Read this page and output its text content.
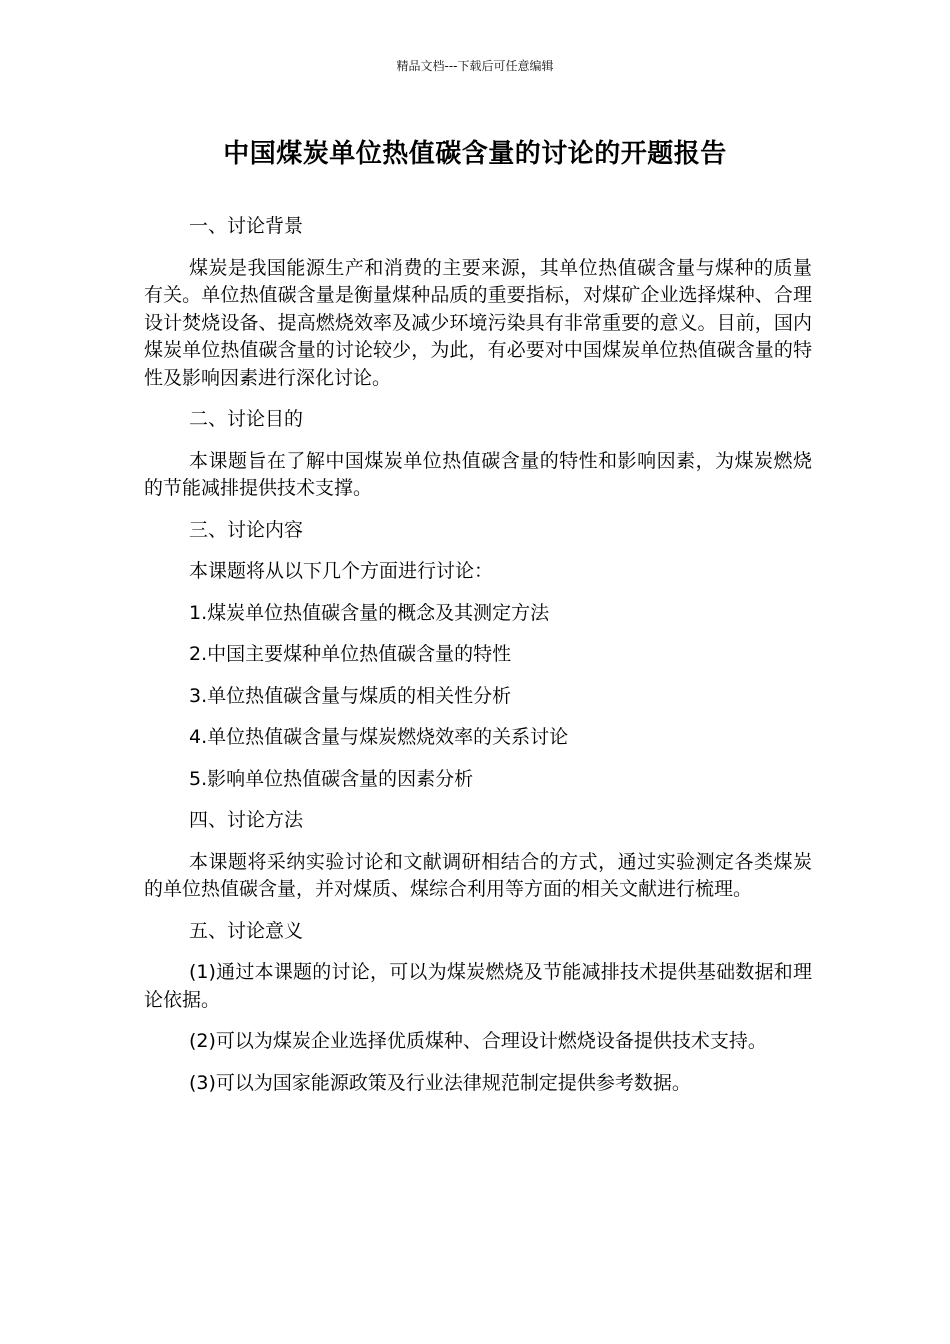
精品文档---下载后可任意编辑
中国煤炭单位热值碳含量的讨论的开题报告
一、讨论背景
煤炭是我国能源生产和消费的主要来源，其单位热值碳含量与煤种的质量有关。单位热值碳含量是衡量煤种品质的重要指标，对煤矿企业选择煤种、合理设计焚烧设备、提高燃烧效率及减少环境污染具有非常重要的意义。目前，国内煤炭单位热值碳含量的讨论较少，为此，有必要对中国煤炭单位热值碳含量的特性及影响因素进行深化讨论。
二、讨论目的
本课题旨在了解中国煤炭单位热值碳含量的特性和影响因素，为煤炭燃烧的节能减排提供技术支撑。
三、讨论内容
本课题将从以下几个方面进行讨论：
1.煤炭单位热值碳含量的概念及其测定方法
2.中国主要煤种单位热值碳含量的特性
3.单位热值碳含量与煤质的相关性分析
4.单位热值碳含量与煤炭燃烧效率的关系讨论
5.影响单位热值碳含量的因素分析
四、讨论方法
本课题将采纳实验讨论和文献调研相结合的方式，通过实验测定各类煤炭的单位热值碳含量，并对煤质、煤综合利用等方面的相关文献进行梳理。
五、讨论意义
(1)通过本课题的讨论，可以为煤炭燃烧及节能减排技术提供基础数据和理论依据。
(2)可以为煤炭企业选择优质煤种、合理设计燃烧设备提供技术支持。
(3)可以为国家能源政策及行业法律规范制定提供参考数据。
